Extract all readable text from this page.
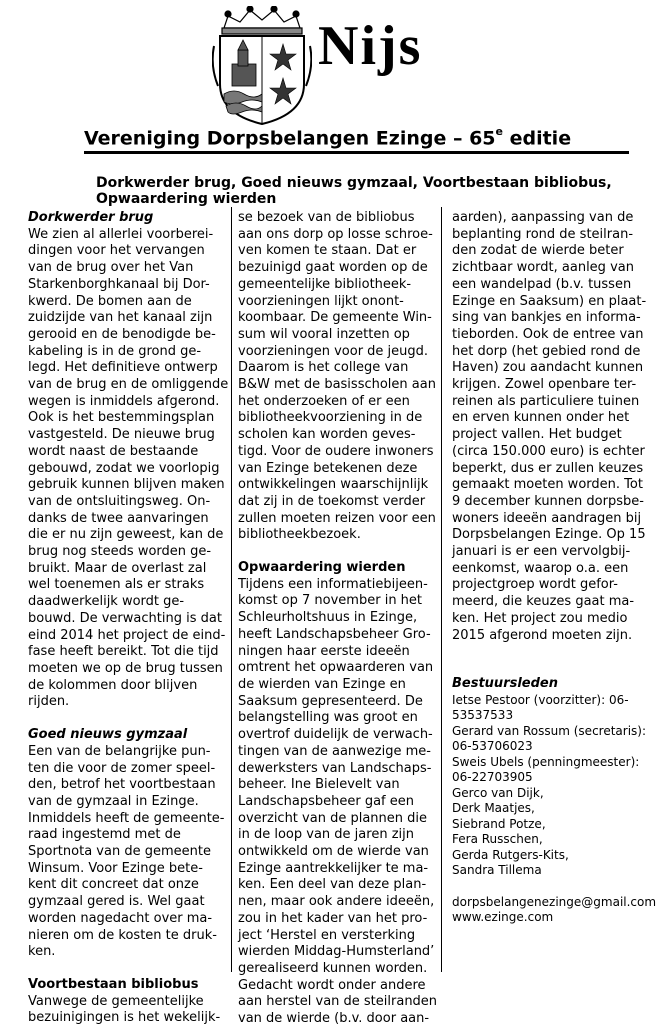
Nijs
Vereniging Dorpsbelangen Ezinge – 65e editie
Dorkwerder brug, Goed nieuws gymzaal, Voortbestaan bibliobus, Opwaardering wierden
Dorkwerder brug

We zien al allerlei voorberei-
dingen voor het vervangen
van de brug over het Van
Starkenborghkanaal bij Dor-
kwerd. De bomen aan de
zuidzijde van het kanaal zijn
gerooid en de benodigde be-
kabeling is in de grond ge-
legd. Het definitieve ontwerp
van de brug en de omliggende
wegen is inmiddels afgerond.
Ook is het bestemmingsplan
vastgesteld. De nieuwe brug
wordt naast de bestaande
gebouwd, zodat we voorlopig
gebruik kunnen blijven maken
van de ontsluitingsweg. On-
danks de twee aanvaringen
die er nu zijn geweest, kan de
brug nog steeds worden ge-
bruikt. Maar de overlast zal
wel toenemen als er straks
daadwerkelijk wordt ge-
bouwd. De verwachting is dat
eind 2014 het project de eind-
fase heeft bereikt. Tot die tijd
moeten we op de brug tussen
de kolommen door blijven
rijden.

Goed nieuws gymzaal

Een van de belangrijke pun-
ten die voor de zomer speel-
den, betrof het voortbestaan
van de gymzaal in Ezinge.
Inmiddels heeft de gemeente-
raad ingestemd met de
Sportnota van de gemeente
Winsum. Voor Ezinge bete-
kent dit concreet dat onze
gymzaal gered is. Wel gaat
worden nagedacht over ma-
nieren om de kosten te druk-
ken.

Voortbestaan bibliobus

Vanwege de gemeentelijke
bezuinigingen is het wekelijk-

se bezoek van de bibliobus
aan ons dorp op losse schroe-
ven komen te staan. Dat er
bezuinigd gaat worden op de
gemeentelijke bibliotheek-
voorzieningen lijkt onont-
koombaar. De gemeente Win-
sum wil vooral inzetten op
voorzieningen voor de jeugd.
Daarom is het college van
B&W met de basisscholen aan
het onderzoeken of er een
bibliotheekvoorziening in de
scholen kan worden geves-
tigd. Voor de oudere inwoners
van Ezinge betekenen deze
ontwikkelingen waarschijnlijk
dat zij in de toekomst verder
zullen moeten reizen voor een
bibliotheekbezoek.

Opwaardering wierden

Tijdens een informatiebijeen-
komst op 7 november in het
Schleurholtshuus in Ezinge,
heeft Landschapsbeheer Gro-
ningen haar eerste ideeën
omtrent het opwaarderen van
de wierden van Ezinge en
Saaksum gepresenteerd. De
belangstelling was groot en
overtrof duidelijk de verwach-
tingen van de aanwezige me-
dewerksters van Landschaps-
beheer. Ine Bielevelt van
Landschapsbeheer gaf een
overzicht van de plannen die
in de loop van de jaren zijn
ontwikkeld om de wierde van
Ezinge aantrekkelijker te ma-
ken. Een deel van deze plan-
nen, maar ook andere ideeën,
zou in het kader van het pro-
ject ‘Herstel en versterking
wierden Middag-Humsterland’
gerealiseerd kunnen worden.
Gedacht wordt onder andere
aan herstel van de steilranden
van de wierde (b.v. door aan-

aarden), aanpassing van de
beplanting rond de steilran-
den zodat de wierde beter
zichtbaar wordt, aanleg van
een wandelpad (b.v. tussen
Ezinge en Saaksum) en plaat-
sing van bankjes en informa-
tieborden. Ook de entree van
het dorp (het gebied rond de
Haven) zou aandacht kunnen
krijgen. Zowel openbare ter-
reinen als particuliere tuinen
en erven kunnen onder het
project vallen. Het budget
(circa 150.000 euro) is echter
beperkt, dus er zullen keuzes
gemaakt moeten worden. Tot
9 december kunnen dorpsbe-
woners ideeën aandragen bij
Dorpsbelangen Ezinge. Op 15
januari is er een vervolgbij-
eenkomst, waarop o.a. een
projectgroep wordt gefor-
meerd, die keuzes gaat ma-
ken. Het project zou medio
2015 afgerond moeten zijn.

Bestuursleden

Ietse Pestoor (voorzitter): 06-
53537533
Gerard van Rossum (secretaris):
06-53706023
Sweis Ubels (penningmeester):
06-22703905
Gerco van Dijk,
Derk Maatjes,
Siebrand Potze,
Fera Russchen,
Gerda Rutgers-Kits,
Sandra Tillema

dorpsbelangenezinge@gmail.com

www.ezinge.com
